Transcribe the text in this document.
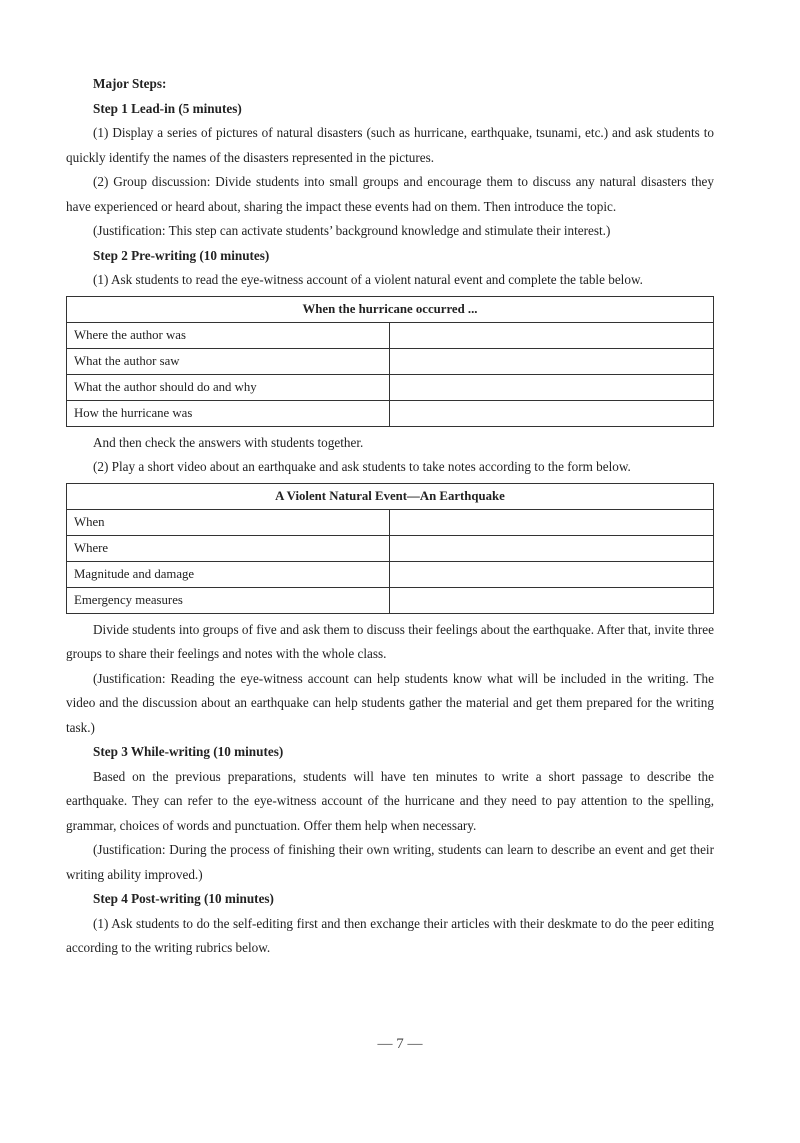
Major Steps:

Step 1 Lead-in (5 minutes)

(1) Display a series of pictures of natural disasters (such as hurricane, earthquake, tsunami, etc.) and ask students to quickly identify the names of the disasters represented in the pictures.

(2) Group discussion: Divide students into small groups and encourage them to discuss any natural disasters they have experienced or heard about, sharing the impact these events had on them. Then introduce the topic.

(Justification: This step can activate students’ background knowledge and stimulate their interest.)

Step 2 Pre-writing (10 minutes)

(1) Ask students to read the eye-witness account of a violent natural event and complete the table below.

When the hurricane occurred ...	
Where the author was	
What the author saw	
What the author should do and why	
How the hurricane was	

And then check the answers with students together.

(2) Play a short video about an earthquake and ask students to take notes according to the form below.

A Violent Natural Event—An Earthquake	
When	
Where	
Magnitude and damage	
Emergency measures	

Divide students into groups of five and ask them to discuss their feelings about the earthquake. After that, invite three groups to share their feelings and notes with the whole class.

(Justification: Reading the eye-witness account can help students know what will be included in the writing. The video and the discussion about an earthquake can help students gather the material and get them prepared for the writing task.)

Step 3 While-writing (10 minutes)

Based on the previous preparations, students will have ten minutes to write a short passage to describe the earthquake. They can refer to the eye-witness account of the hurricane and they need to pay attention to the spelling, grammar, choices of words and punctuation. Offer them help when necessary.

(Justification: During the process of finishing their own writing, students can learn to describe an event and get their writing ability improved.)

Step 4 Post-writing (10 minutes)

(1) Ask students to do the self-editing first and then exchange their articles with their deskmate to do the peer editing according to the writing rubrics below.

— 7 —
